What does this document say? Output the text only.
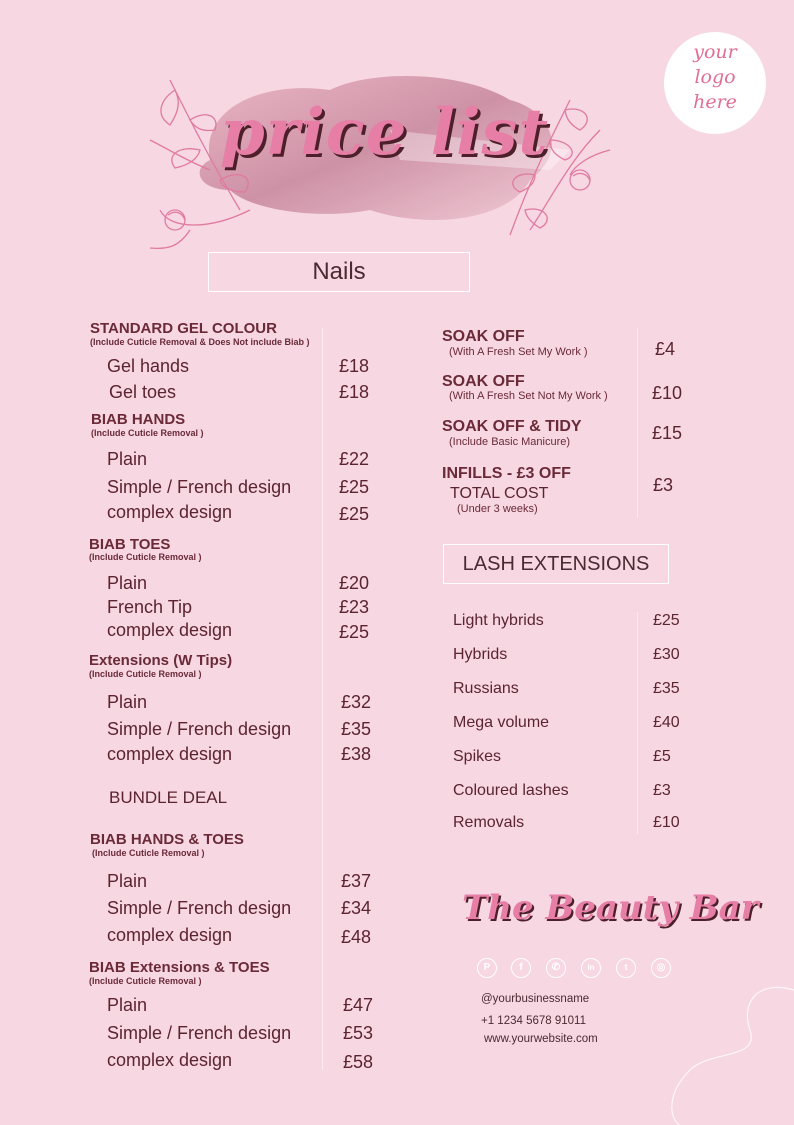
your
logo
here
price list
Nails
STANDARD GEL COLOUR
(Include Cuticle Removal & Does Not include Biab )
Gel hands	£18
Gel toes	£18
BIAB HANDS
(Include Cuticle Removal )
Plain	£22
Simple / French design	£25
complex design	£25
BIAB TOES
(Include Cuticle Removal )
Plain	£20
French Tip	£23
complex design	£25
Extensions (W Tips)
(Include Cuticle Removal )
Plain	£32
Simple / French design	£35
complex design	£38
BUNDLE DEAL
BIAB HANDS & TOES
(Include Cuticle Removal )
Plain	£37
Simple / French design	£34
complex design	£48
BIAB Extensions & TOES
(Include Cuticle Removal )
Plain	£47
Simple / French design	£53
complex design	£58
SOAK OFF
(With A Fresh Set My Work )	£4
SOAK OFF
(With A Fresh Set Not My Work ) £10
SOAK OFF & TIDY
(Include Basic Manicure)	£15
INFILLS - £3 OFF
TOTAL COST
(Under 3 weeks)
£3
LASH EXTENSIONS
Light hybrids	£25
Hybrids	£30
Russians	£35
Mega volume	£40
Spikes	£5
Coloured lashes	£3
Removals	£10
The Beauty Bar
P	f	✆	in	t	◎
@yourbusinessname
+1 1234 5678 91011
www.yourwebsite.com
